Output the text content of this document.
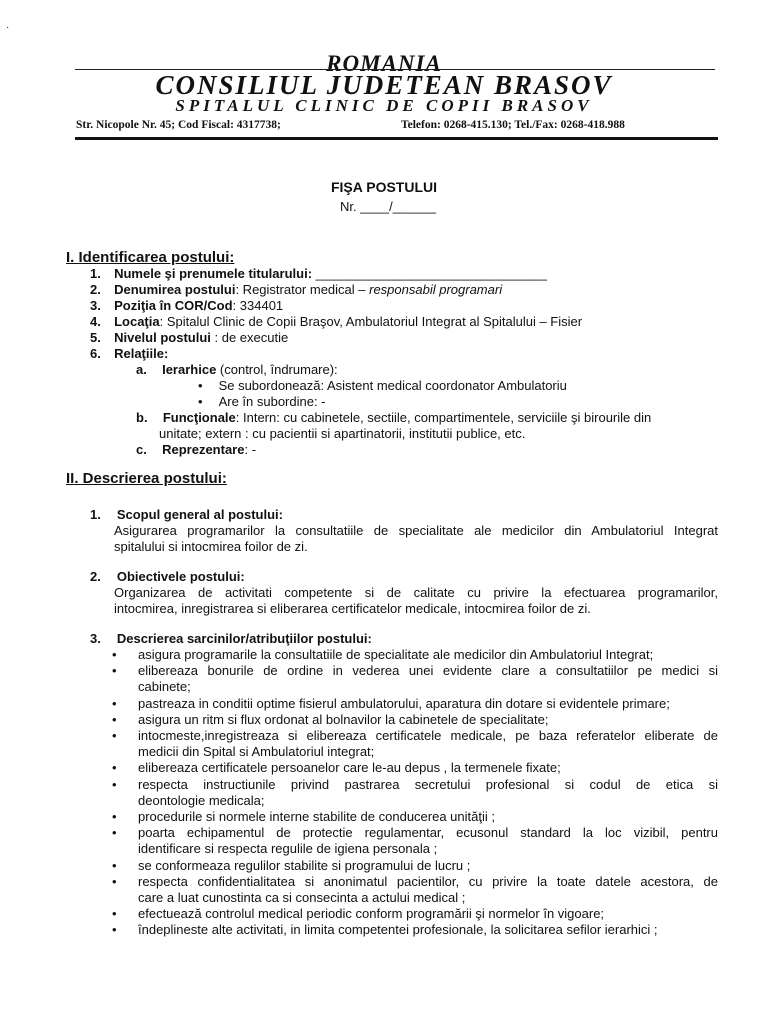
·
ROMANIA
CONSILIUL JUDETEAN BRASOV
SPITALUL CLINIC DE COPII BRASOV
Str. Nicopole Nr. 45; Cod Fiscal: 4317738;	Telefon: 0268-415.130; Tel./Fax: 0268-418.988
FIŞA POSTULUI
Nr. ____/______
I. Identificarea postului:
1. Numele şi prenumele titularului: ________________________________
2. Denumirea postului: Registrator medical – responsabil programari
3. Poziţia în COR/Cod: 334401
4. Locaţia: Spitalul Clinic de Copii Braşov, Ambulatoriul Integrat al Spitalului – Fisier
5. Nivelul postului : de executie
6. Relaţiile:
a. Ierarhice (control, îndrumare):
• Se subordonează: Asistent medical coordonator Ambulatoriu
• Are în subordine: -
b. Funcţionale: Intern: cu cabinetele, sectiile, compartimentele, serviciile şi birourile din
unitate; extern : cu pacientii si apartinatorii, institutii publice, etc.
c. Reprezentare: -
II. Descrierea postului:
1. Scopul general al postului:
Asigurarea programarilor la consultatiile de specialitate ale medicilor din Ambulatoriul Integrat
spitalului si intocmirea foilor de zi.
2. Obiectivele postului:
Organizarea de activitati competente si de calitate cu privire la efectuarea programarilor,
intocmirea, inregistrarea si eliberarea certificatelor medicale, intocmirea foilor de zi.
3. Descrierea sarcinilor/atribuţiilor postului:
• asigura programarile la consultatiile de specialitate ale medicilor din Ambulatoriul Integrat;
• elibereaza bonurile de ordine in vederea unei evidente clare a consultatiilor pe medici si
cabinete;
• pastreaza in conditii optime fisierul ambulatorului, aparatura din dotare si evidentele primare;
• asigura un ritm si flux ordonat al bolnavilor la cabinetele de specialitate;
• intocmeste,inregistreaza si elibereaza certificatele medicale, pe baza referatelor eliberate de
medicii din Spital si Ambulatoriul integrat;
• elibereaza certificatele persoanelor care le-au depus , la termenele fixate;
• respecta instructiunile privind pastrarea secretului profesional si codul de etica si
deontologie medicala;
• procedurile si normele interne stabilite de conducerea unităţii ;
• poarta echipamentul de protectie regulamentar, ecusonul standard la loc vizibil, pentru
identificare si respecta regulile de igiena personala ;
• se conformeaza regulilor stabilite si programului de lucru ;
• respecta confidentialitatea si anonimatul pacientilor, cu privire la toate datele acestora, de
care a luat cunostinta ca si consecinta a actului medical ;
• efectuează controlul medical periodic conform programării şi normelor în vigoare;
• îndeplineste alte activitati, in limita competentei profesionale, la solicitarea sefilor ierarhici ;
